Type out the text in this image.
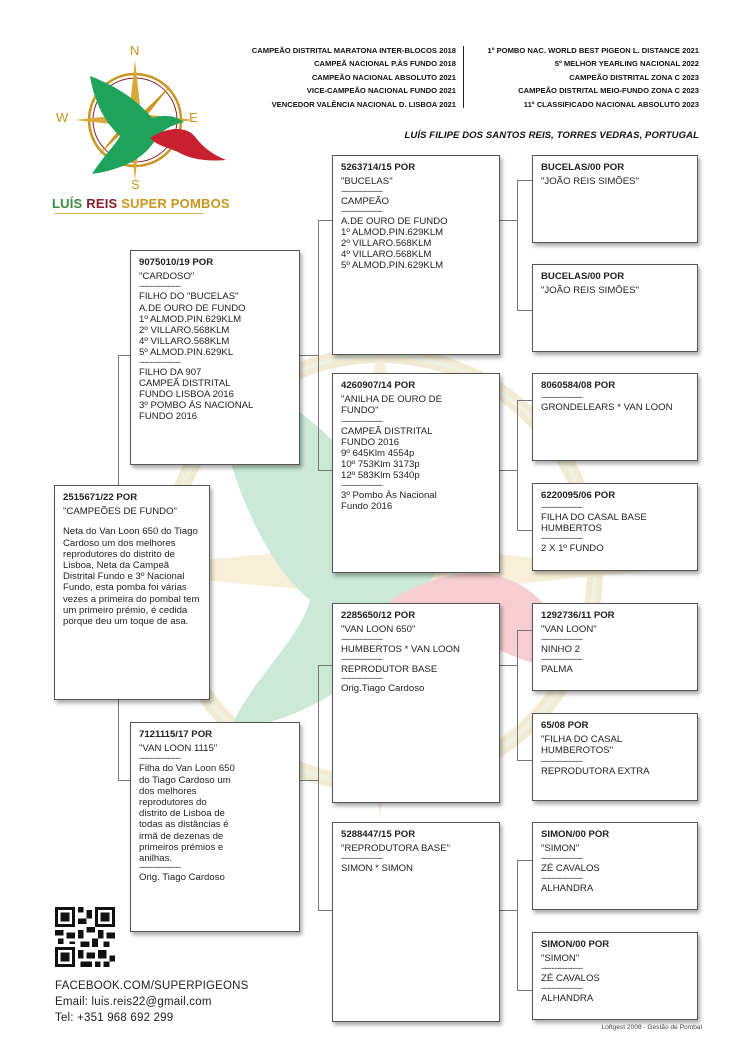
N
S
W	E
LUÍS REIS SUPER POMBOS
CAMPEÃO DISTRITAL MARATONA INTER-BLOCOS 2018
CAMPEÃ NACIONAL P.ÀS FUNDO 2018
CAMPEÃO NACIONAL ABSOLUTO 2021
VICE-CAMPEÃO NACIONAL FUNDO 2021
VENCEDOR VALÊNCIA NACIONAL D. LISBOA 2021
1º POMBO NAC. WORLD BEST PIGEON L. DISTANCE 2021
5º MELHOR YEARLING NACIONAL 2022
CAMPEÃO DISTRITAL ZONA C 2023
CAMPEÃO DISTRITAL MEIO-FUNDO ZONA C 2023
11º CLASSIFICADO NACIONAL ABSOLUTO 2023
LUÍS FILIPE DOS SANTOS REIS, TORRES VEDRAS, PORTUGAL
2515671/22 POR
"CAMPEÕES DE FUNDO"
Neta do Van Loon 650 do Tiago Cardoso um dos melhores reprodutores do distrito de Lisboa, Neta da Campeã Distrital Fundo e 3º Nacional Fundo, esta pomba foi várias vezes a primeira do pombal tem um primeiro prémio, é cedida porque deu um toque de asa.
9075010/19 POR
"CARDOSO"
----------------
FILHO DO "BUCELAS"
A.DE OURO DE FUNDO
1º ALMOD.PIN.629KLM
2º VILLARO.568KLM
4º VILLARO.568KLM
5º ALMOD.PIN.629KL
----------------
FILHO DA 907
CAMPEÃ DISTRITAL
FUNDO LISBOA 2016
3º POMBO ÁS NACIONAL
FUNDO 2016
7121115/17 POR
"VAN LOON 1115"
----------------
Filha do Van Loon 650
do Tiago Cardoso um
dos melhores
reprodutores do
distrito de Lisboa de
todas as distâncias é
irmã de dezenas de
primeiros prémios e
anilhas.
----------------
Orig. Tiago Cardoso
5263714/15 POR
"BUCELAS"
----------------
CAMPEÃO
----------------
A.DE OURO DE FUNDO
1º ALMOD.PIN.629KLM
2º VILLARO.568KLM
4º VILLARO.568KLM
5º ALMOD.PIN.629KLM
4260907/14 POR
"ANILHA DE OURO DE
FUNDO"
----------------
CAMPEÃ DISTRITAL
FUNDO 2016
9º 645Klm 4554p
10º 753Klm 3173p
12º 583Klm 5340p
----------------
3º Pombo Às Nacional
Fundo 2016
2285650/12 POR
"VAN LOON 650"
----------------
HUMBERTOS * VAN LOON
----------------
REPRODUTOR BASE
----------------
Orig.Tiago Cardoso
5288447/15 POR
"REPRODUTORA BASE"
----------------
SIMON * SIMON
BUCELAS/00 POR
"JOÃO REIS SIMÕES"
BUCELAS/00 POR
"JOÃO REIS SIMÕES"
8060584/08 POR
----------------
GRONDELEARS * VAN LOON
6220095/06 POR
----------------
FILHA DO CASAL BASE
HUMBERTOS
----------------
2 X 1º FUNDO
1292736/11 POR
"VAN LOON"
----------------
NINHO 2
----------------
PALMA
65/08 POR
"FILHA DO CASAL
HUMBEROTOS"
----------------
REPRODUTORA EXTRA
SIMON/00 POR
"SIMON"
----------------
ZÉ CAVALOS
----------------
ALHANDRA
SIMON/00 POR
"SIMON"
----------------
ZÉ CAVALOS
----------------
ALHANDRA
FACEBOOK.COM/SUPERPIGEONS
Email: luis.reis22@gmail.com
Tel: +351 968 692 299
Loftgest 2008 - Gestão de Pombal
